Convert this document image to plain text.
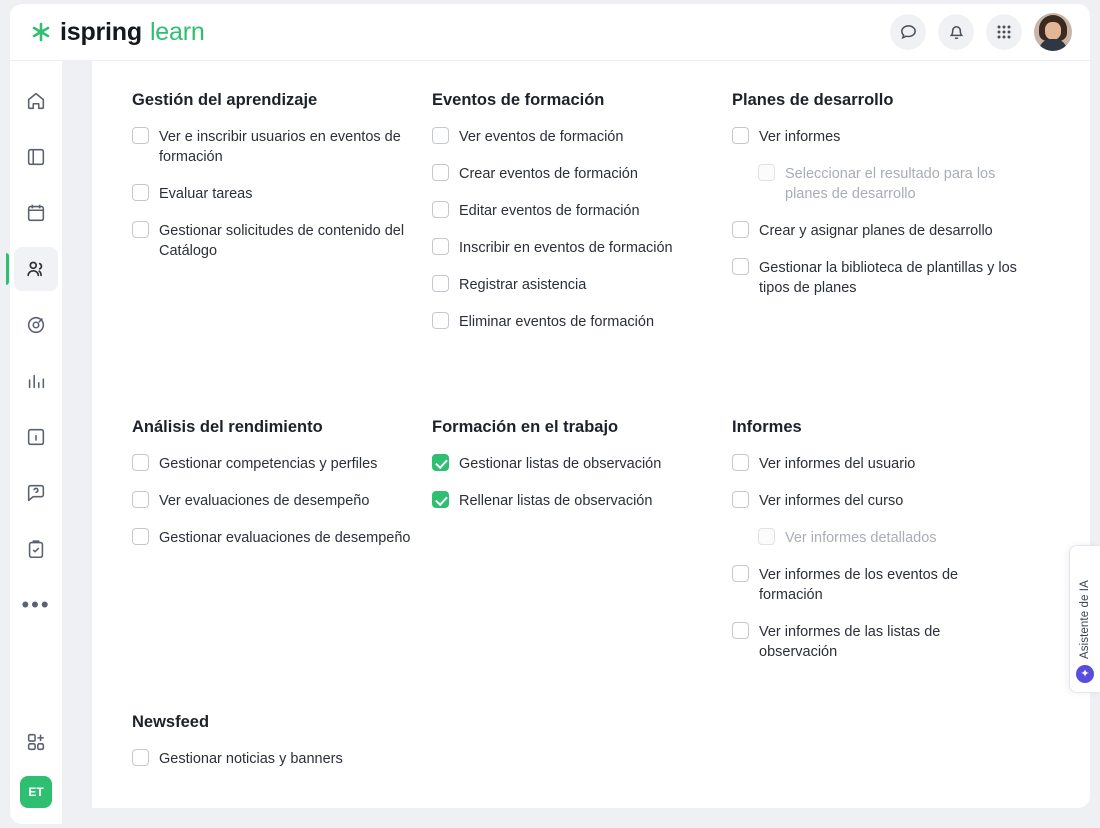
ispring learn
•••
ET
Gestión del aprendizaje
Ver e inscribir usuarios en eventos de formación
Evaluar tareas
Gestionar solicitudes de contenido del Catálogo
Eventos de formación
Ver eventos de formación
Crear eventos de formación
Editar eventos de formación
Inscribir en eventos de formación
Registrar asistencia
Eliminar eventos de formación
Planes de desarrollo
Ver informes
Seleccionar el resultado para los planes de desarrollo
Crear y asignar planes de desarrollo
Gestionar la biblioteca de plantillas y los tipos de planes
Análisis del rendimiento
Gestionar competencias y perfiles
Ver evaluaciones de desempeño
Gestionar evaluaciones de desempeño
Formación en el trabajo
Gestionar listas de observación
Rellenar listas de observación
Informes
Ver informes del usuario
Ver informes del curso
Ver informes detallados
Ver informes de los eventos de formación
Ver informes de las listas de observación
Newsfeed
Gestionar noticias y banners
Asistente de IA
✦
